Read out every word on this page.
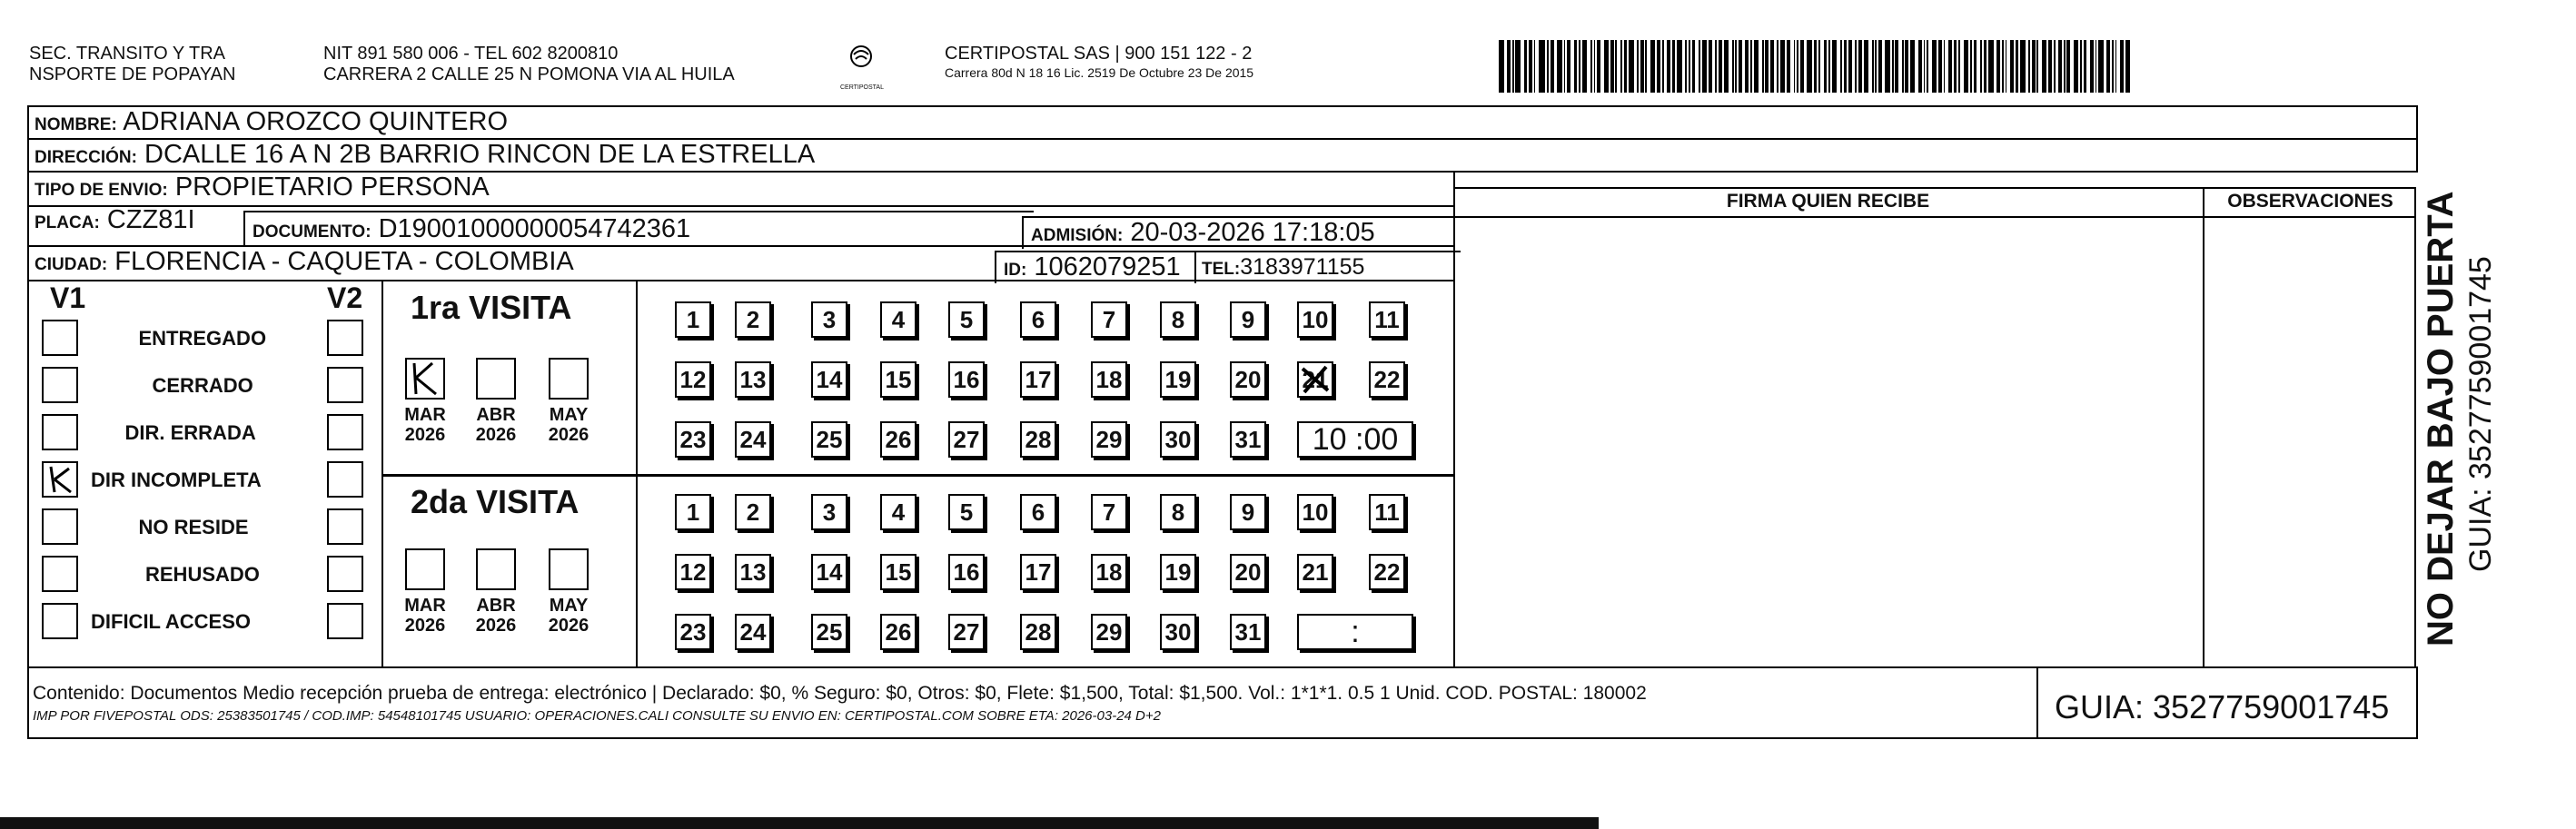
SEC. TRANSITO Y TRA
NSPORTE DE POPAYAN
NIT 891 580 006 - TEL 602 8200810
CARRERA 2 CALLE 25 N POMONA VIA AL HUILA
CERTIPOSTAL
CERTIPOSTAL SAS | 900 151 122 - 2
Carrera 80d N 18 16 Lic. 2519 De Octubre 23 De 2015
NOMBRE: ADRIANA OROZCO QUINTERO
DIRECCIÓN: DCALLE 16 A N 2B BARRIO RINCON DE LA ESTRELLA
TIPO DE ENVIO: PROPIETARIO PERSONA
PLACA: CZZ81I	DOCUMENTO: D19001000000054742361	ADMISIÓN: 20-03-2026 17:18:05
CIUDAD: FLORENCIA - CAQUETA - COLOMBIA	ID: 1062079251	TEL:3183971155
FIRMA QUIEN RECIBE	OBSERVACIONES
V1	V2
ENTREGADO
CERRADO
DIR. ERRADA
DIR INCOMPLETA
NO RESIDE
REHUSADO
DIFICIL ACCESO
1ra VISITA
MAR
2026
ABR
2026
MAY
2026
1	2	3	4	5	6	7	8	9	10 11
12 13 14 15 16 17 18 19 20 21 22
23 24 25 26 27 28 29 30 31	10 :00
2da VISITA
MAR
2026
ABR
2026
MAY
2026
1	2	3	4	5	6	7	8	9	10 11
12 13 14 15 16 17 18 19 20 21 22
23 24 25 26 27 28 29 30 31	:
Contenido: Documentos Medio recepción prueba de entrega: electrónico | Declarado: $0, % Seguro: $0, Otros: $0, Flete: $1,500, Total: $1,500. Vol.: 1*1*1. 0.5 1 Unid. COD. POSTAL: 180002
IMP POR FIVEPOSTAL ODS: 25383501745 / COD.IMP: 54548101745 USUARIO: OPERACIONES.CALI CONSULTE SU ENVIO EN: CERTIPOSTAL.COM SOBRE ETA: 2026-03-24 D+2	GUIA: 3527759001745
NO DEJAR BAJO PUERTA GUIA: 3527759001745
